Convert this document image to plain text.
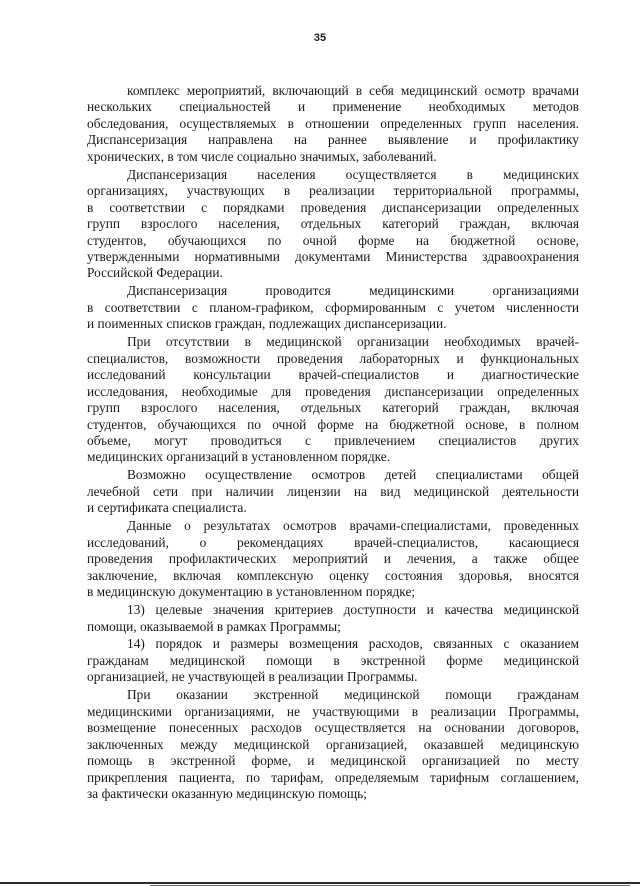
35
комплекс мероприятий, включающий в себя медицинский осмотр врачами
нескольких специальностей и применение необходимых методов
обследования, осуществляемых в отношении определенных групп населения.
Диспансеризация направлена на раннее выявление и профилактику
хронических, в том числе социально значимых, заболеваний.
Диспансеризация населения осуществляется в медицинских
организациях, участвующих в реализации территориальной программы,
в соответствии с порядками проведения диспансеризации определенных
групп взрослого населения, отдельных категорий граждан, включая
студентов, обучающихся по очной форме на бюджетной основе,
утвержденными нормативными документами Министерства здравоохранения
Российской Федерации.
Диспансеризация проводится медицинскими организациями
в соответствии с планом-графиком, сформированным с учетом численности
и поименных списков граждан, подлежащих диспансеризации.
При отсутствии в медицинской организации необходимых врачей-
специалистов, возможности проведения лабораторных и функциональных
исследований консультации врачей-специалистов и диагностические
исследования, необходимые для проведения диспансеризации определенных
групп взрослого населения, отдельных категорий граждан, включая
студентов, обучающихся по очной форме на бюджетной основе, в полном
объеме, могут проводиться с привлечением специалистов других
медицинских организаций в установленном порядке.
Возможно осуществление осмотров детей специалистами общей
лечебной сети при наличии лицензии на вид медицинской деятельности
и сертификата специалиста.
Данные о результатах осмотров врачами-специалистами, проведенных
исследований, о рекомендациях врачей-специалистов, касающиеся
проведения профилактических мероприятий и лечения, а также общее
заключение, включая комплексную оценку состояния здоровья, вносятся
в медицинскую документацию в установленном порядке;
13) целевые значения критериев доступности и качества медицинской
помощи, оказываемой в рамках Программы;
14) порядок и размеры возмещения расходов, связанных с оказанием
гражданам медицинской помощи в экстренной форме медицинской
организацией, не участвующей в реализации Программы.
При оказании экстренной медицинской помощи гражданам
медицинскими организациями, не участвующими в реализации Программы,
возмещение понесенных расходов осуществляется на основании договоров,
заключенных между медицинской организацией, оказавшей медицинскую
помощь в экстренной форме, и медицинской организацией по месту
прикрепления пациента, по тарифам, определяемым тарифным соглашением,
за фактически оказанную медицинскую помощь;
